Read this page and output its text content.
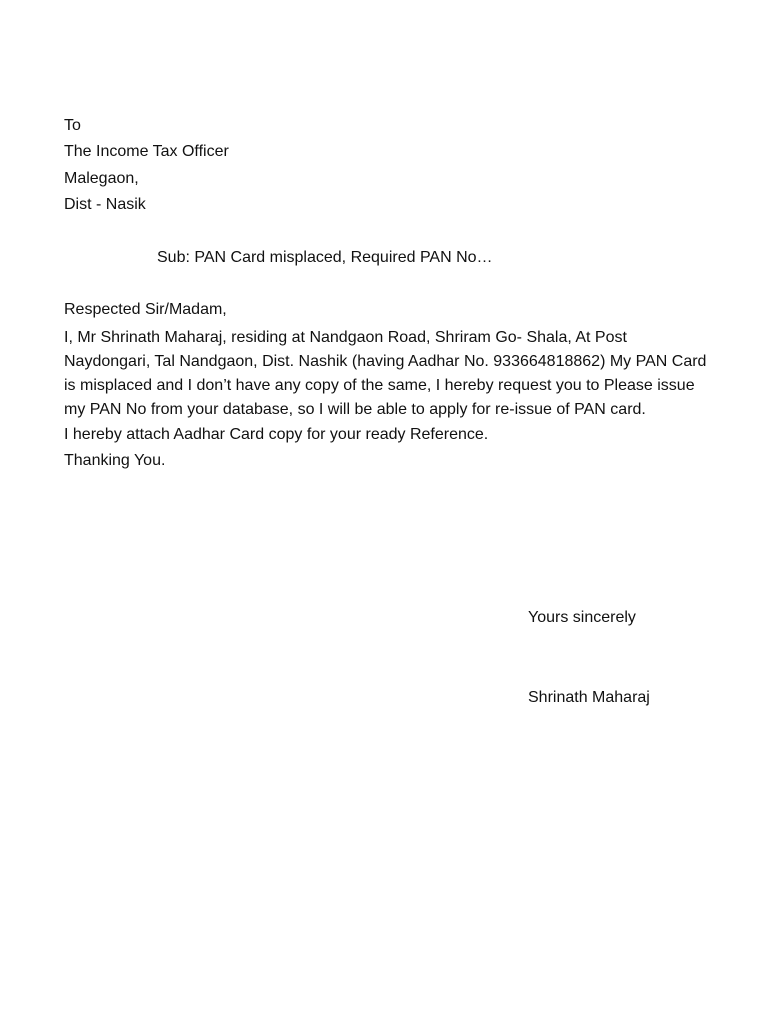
To
The Income Tax Officer
Malegaon,
Dist - Nasik
Sub: PAN Card misplaced, Required PAN No…
Respected Sir/Madam,
I, Mr Shrinath Maharaj, residing at Nandgaon Road, Shriram Go- Shala, At Post
Naydongari, Tal Nandgaon, Dist. Nashik (having Aadhar No. 933664818862) My PAN Card
is misplaced and I don’t have any copy of the same, I hereby request you to Please issue
my PAN No from your database, so I will be able to apply for re-issue of PAN card.
I hereby attach Aadhar Card copy for your ready Reference.
Thanking You.
Yours sincerely
Shrinath Maharaj
